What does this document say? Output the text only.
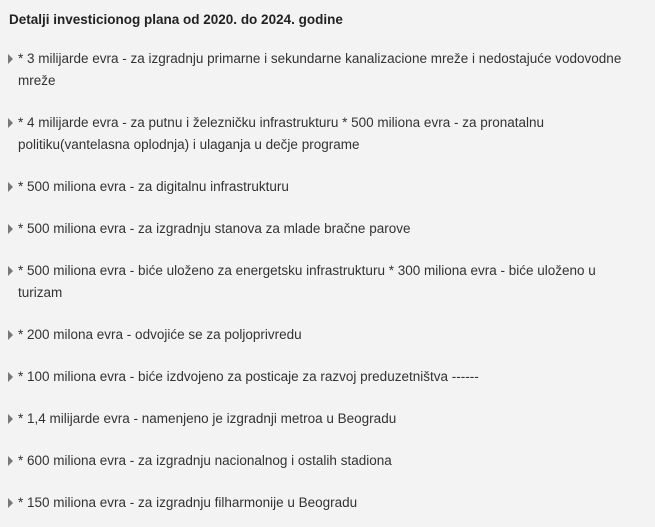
Detalji investicionog plana od 2020. do 2024. godine
* 3 milijarde evra - za izgradnju primarne i sekundarne kanalizacione mreže i nedostajuće vodovodne mreže
* 4 milijarde evra - za putnu i železničku infrastrukturu * 500 miliona evra - za pronatalnu politiku(vantelasna oplodnja) i ulaganja u dečje programe
* 500 miliona evra - za digitalnu infrastrukturu
* 500 miliona evra - za izgradnju stanova za mlade bračne parove
* 500 miliona evra - biće uloženo za energetsku infrastrukturu * 300 miliona evra - biće uloženo u turizam
* 200 milona evra - odvojiće se za poljoprivredu
* 100 miliona evra - biće izdvojeno za posticaje za razvoj preduzetništva ------
* 1,4 milijarde evra - namenjeno je izgradnji metroa u Beogradu
* 600 miliona evra - za izgradnju nacionalnog i ostalih stadiona
* 150 miliona evra - za izgradnju filharmonije u Beogradu
